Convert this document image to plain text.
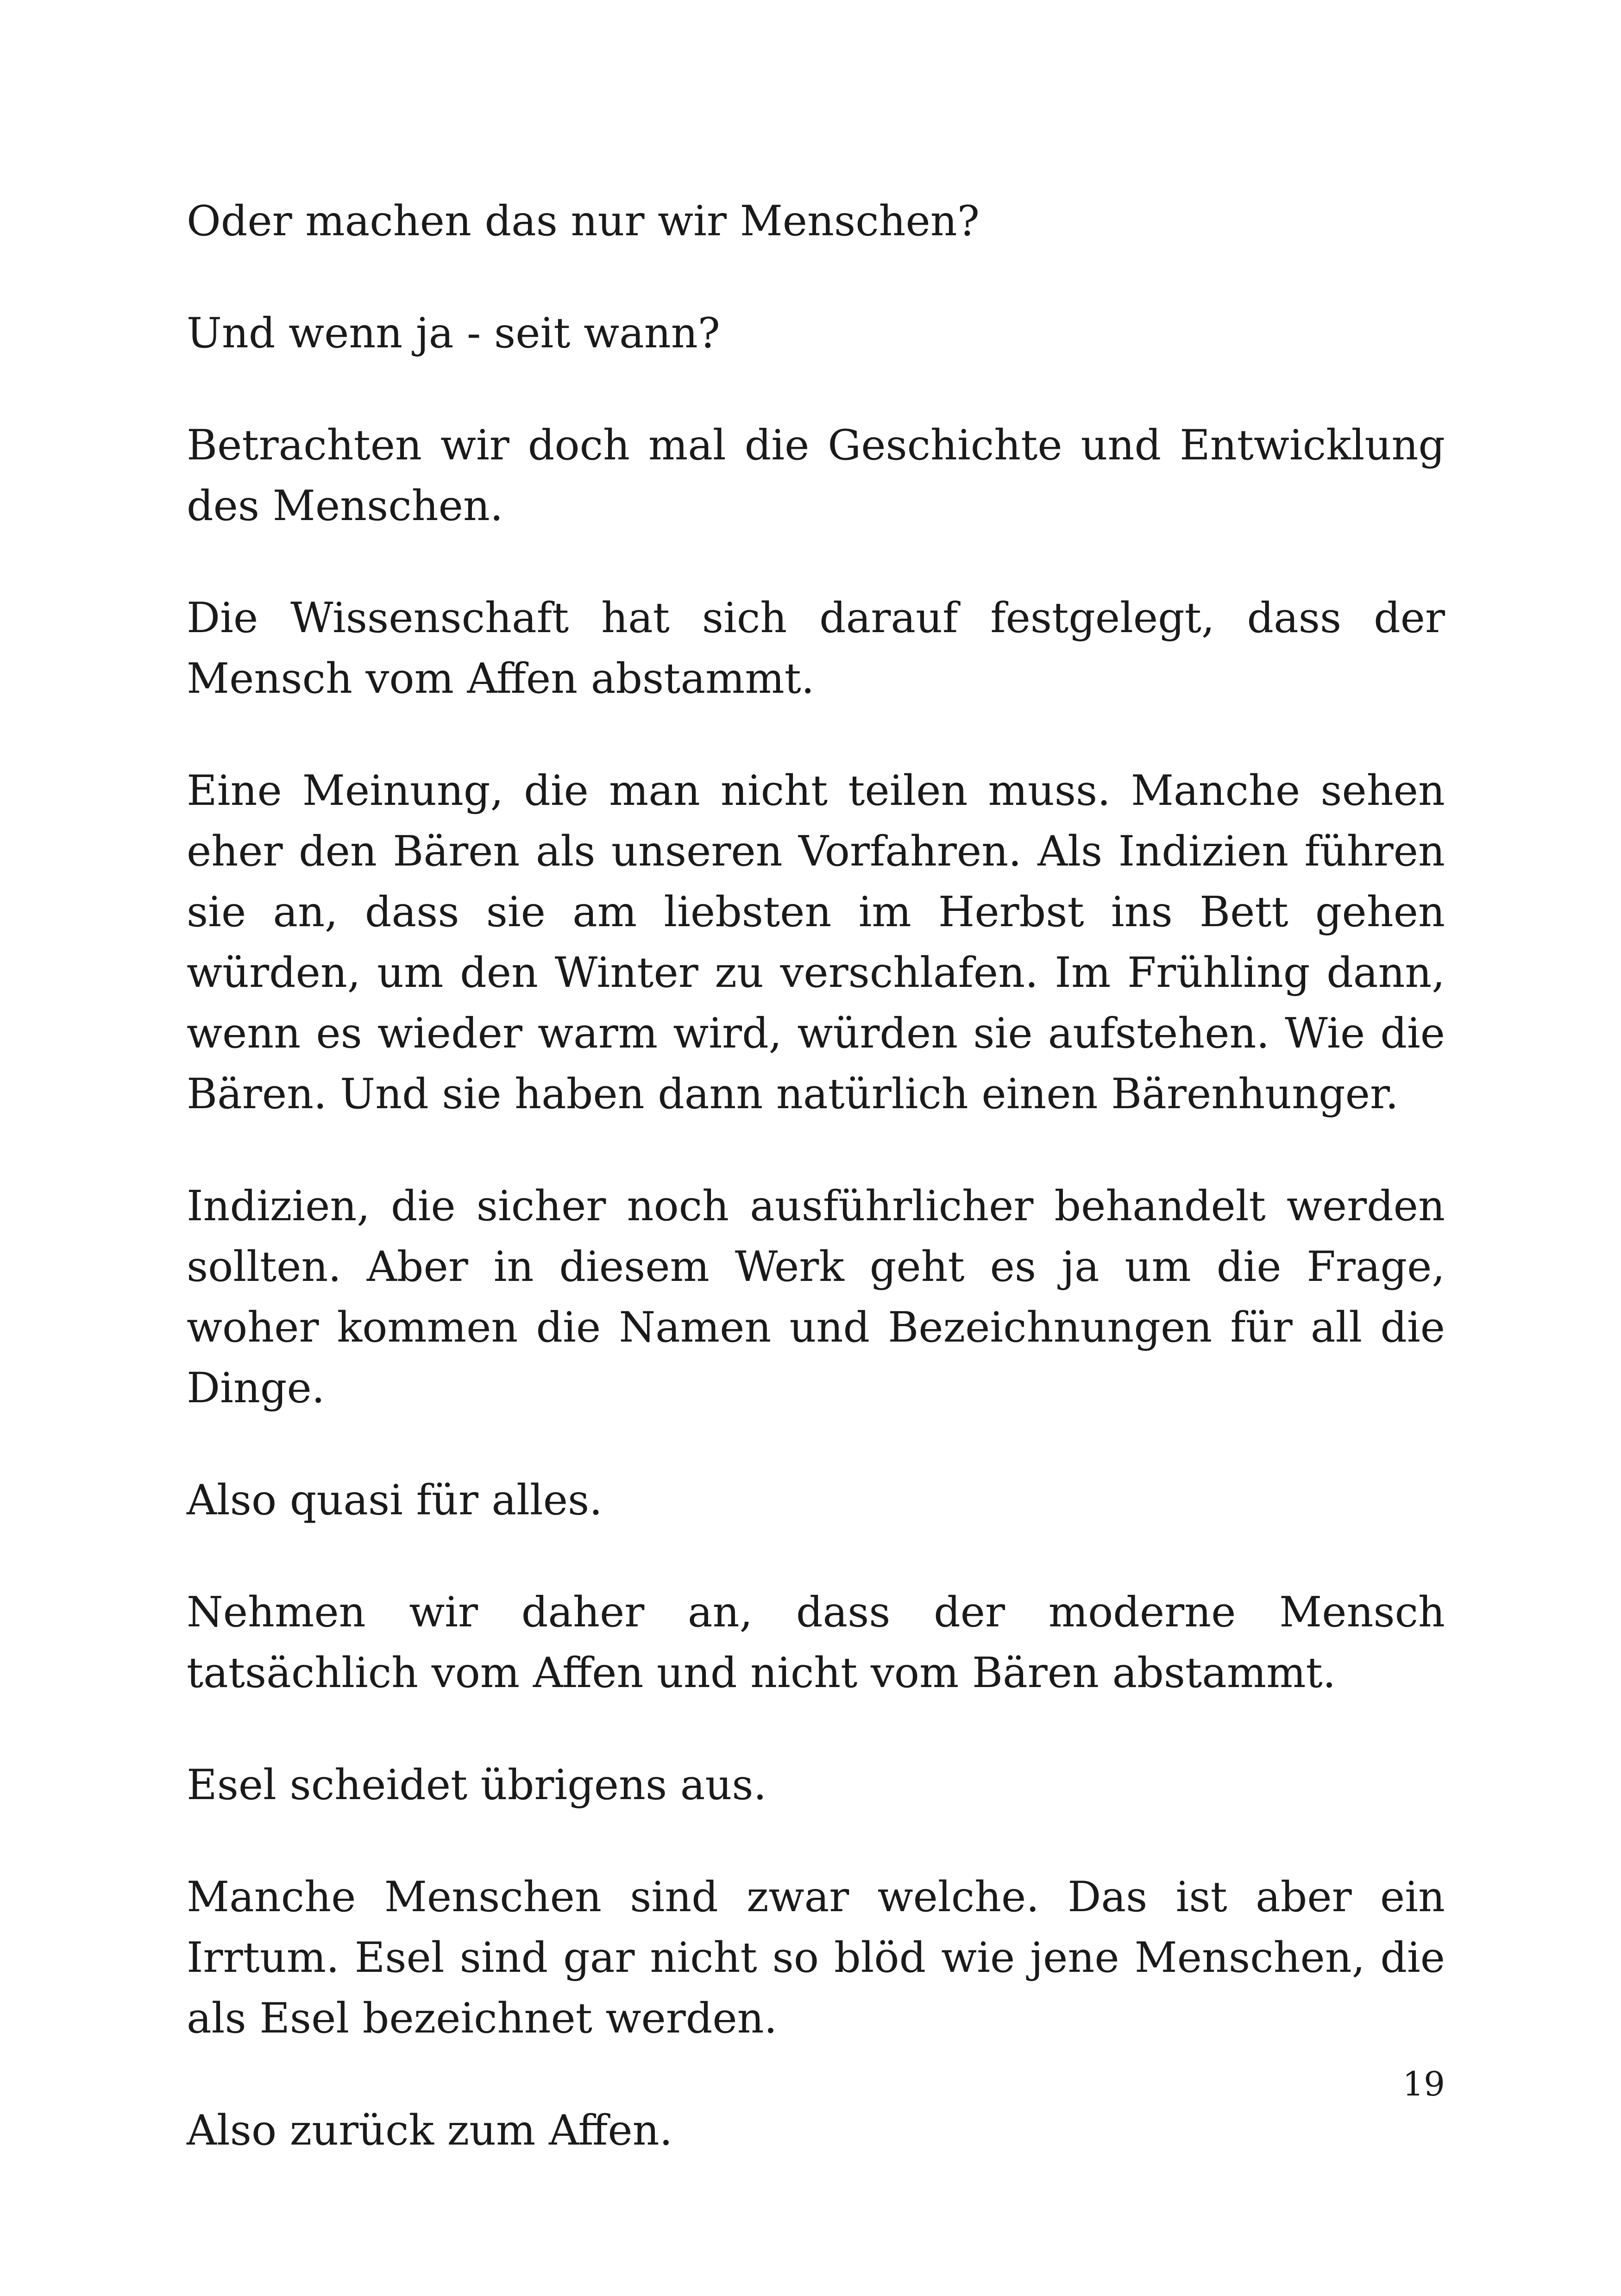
Oder machen das nur wir Menschen?

Und wenn ja - seit wann?

Betrachten wir doch mal die Geschichte und Entwicklung des Menschen.

Die Wissenschaft hat sich darauf festgelegt, dass der Mensch vom Affen abstammt.

Eine Meinung, die man nicht teilen muss. Manche sehen eher den Bären als unseren Vorfahren. Als Indizien führen sie an, dass sie am liebsten im Herbst ins Bett gehen würden, um den Winter zu verschlafen. Im Frühling dann, wenn es wieder warm wird, würden sie aufstehen. Wie die Bären. Und sie haben dann natürlich einen Bärenhunger.

Indizien, die sicher noch ausführlicher behandelt werden sollten. Aber in diesem Werk geht es ja um die Frage, woher kommen die Namen und Bezeichnungen für all die Dinge.

Also quasi für alles.

Nehmen wir daher an, dass der moderne Mensch tatsächlich vom Affen und nicht vom Bären abstammt.

Esel scheidet übrigens aus.

Manche Menschen sind zwar welche. Das ist aber ein Irrtum. Esel sind gar nicht so blöd wie jene Menschen, die als Esel bezeichnet werden.

Also zurück zum Affen.

19
